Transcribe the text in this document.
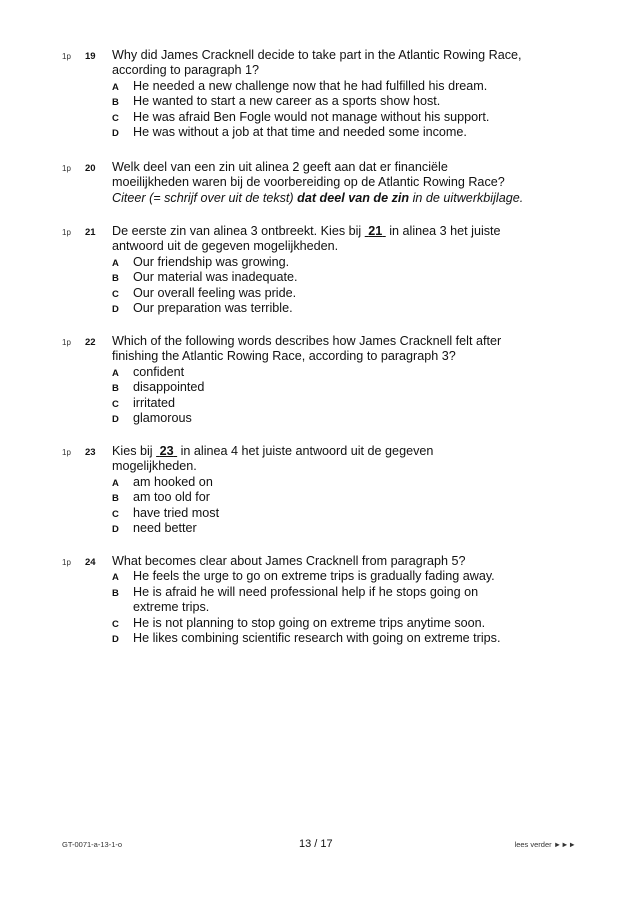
1p 19 Why did James Cracknell decide to take part in the Atlantic Rowing Race,
according to paragraph 1?
A He needed a new challenge now that he had fulfilled his dream.
B He wanted to start a new career as a sports show host.
C He was afraid Ben Fogle would not manage without his support.
D He was without a job at that time and needed some income.
1p 20 Welk deel van een zin uit alinea 2 geeft aan dat er financiële
moeilijkheden waren bij de voorbereiding op de Atlantic Rowing Race?
Citeer (= schrijf over uit de tekst) dat deel van de zin in de uitwerkbijlage.
1p 21 De eerste zin van alinea 3 ontbreekt. Kies bij  21  in alinea 3 het juiste
antwoord uit de gegeven mogelijkheden.
A Our friendship was growing.
B Our material was inadequate.
C Our overall feeling was pride.
D Our preparation was terrible.
1p 22 Which of the following words describes how James Cracknell felt after
finishing the Atlantic Rowing Race, according to paragraph 3?
A confident
B disappointed
C irritated
D glamorous
1p 23 Kies bij  23  in alinea 4 het juiste antwoord uit de gegeven
mogelijkheden.
A am hooked on
B am too old for
C have tried most
D need better
1p 24 What becomes clear about James Cracknell from paragraph 5?
A He feels the urge to go on extreme trips is gradually fading away.
B He is afraid he will need professional help if he stops going on
extreme trips.
C He is not planning to stop going on extreme trips anytime soon.
D He likes combining scientific research with going on extreme trips.
GT-0071-a-13-1-o	13 / 17	lees verder ►►►
